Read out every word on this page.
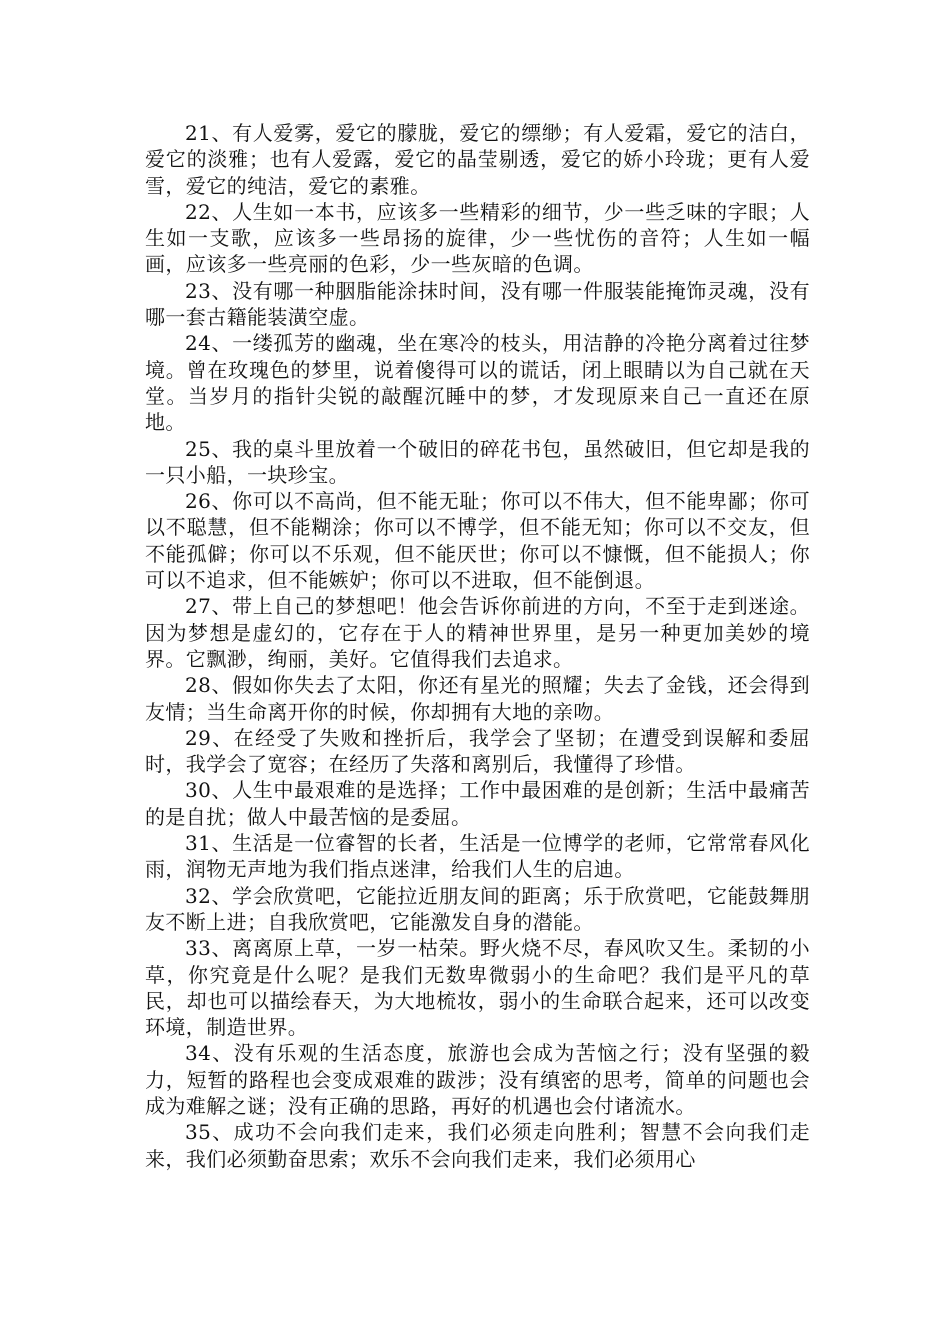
21、有人爱雾，爱它的朦胧，爱它的缥缈；有人爱霜，爱它的洁白，爱它的淡雅；也有人爱露，爱它的晶莹剔透，爱它的娇小玲珑；更有人爱雪，爱它的纯洁，爱它的素雅。

22、人生如一本书，应该多一些精彩的细节，少一些乏味的字眼；人生如一支歌，应该多一些昂扬的旋律，少一些忧伤的音符；人生如一幅画，应该多一些亮丽的色彩，少一些灰暗的色调。

23、没有哪一种胭脂能涂抹时间，没有哪一件服装能掩饰灵魂，没有哪一套古籍能装潢空虚。

24、一缕孤芳的幽魂，坐在寒冷的枝头，用洁静的冷艳分离着过往梦境。曾在玫瑰色的梦里，说着傻得可以的谎话，闭上眼睛以为自己就在天堂。当岁月的指针尖锐的敲醒沉睡中的梦，才发现原来自己一直还在原地。

25、我的桌斗里放着一个破旧的碎花书包，虽然破旧，但它却是我的一只小船，一块珍宝。

26、你可以不高尚，但不能无耻；你可以不伟大，但不能卑鄙；你可以不聪慧，但不能糊涂；你可以不博学，但不能无知；你可以不交友，但不能孤僻；你可以不乐观，但不能厌世；你可以不慷慨，但不能损人；你可以不追求，但不能嫉妒；你可以不进取，但不能倒退。

27、带上自己的梦想吧！他会告诉你前进的方向，不至于走到迷途。因为梦想是虚幻的，它存在于人的精神世界里，是另一种更加美妙的境界。它飘渺，绚丽，美好。它值得我们去追求。

28、假如你失去了太阳，你还有星光的照耀；失去了金钱，还会得到友情；当生命离开你的时候，你却拥有大地的亲吻。

29、在经受了失败和挫折后，我学会了坚韧；在遭受到误解和委屈时，我学会了宽容；在经历了失落和离别后，我懂得了珍惜。

30、人生中最艰难的是选择；工作中最困难的是创新；生活中最痛苦的是自扰；做人中最苦恼的是委屈。

31、生活是一位睿智的长者，生活是一位博学的老师，它常常春风化雨，润物无声地为我们指点迷津，给我们人生的启迪。

32、学会欣赏吧，它能拉近朋友间的距离；乐于欣赏吧，它能鼓舞朋友不断上进；自我欣赏吧，它能激发自身的潜能。

33、离离原上草，一岁一枯荣。野火烧不尽，春风吹又生。柔韧的小草，你究竟是什么呢？是我们无数卑微弱小的生命吧？我们是平凡的草民，却也可以描绘春天，为大地梳妆，弱小的生命联合起来，还可以改变环境，制造世界。

34、没有乐观的生活态度，旅游也会成为苦恼之行；没有坚强的毅力，短暂的路程也会变成艰难的跋涉；没有缜密的思考，简单的问题也会成为难解之谜；没有正确的思路，再好的机遇也会付诸流水。

35、成功不会向我们走来，我们必须走向胜利；智慧不会向我们走来，我们必须勤奋思索；欢乐不会向我们走来，我们必须用心
